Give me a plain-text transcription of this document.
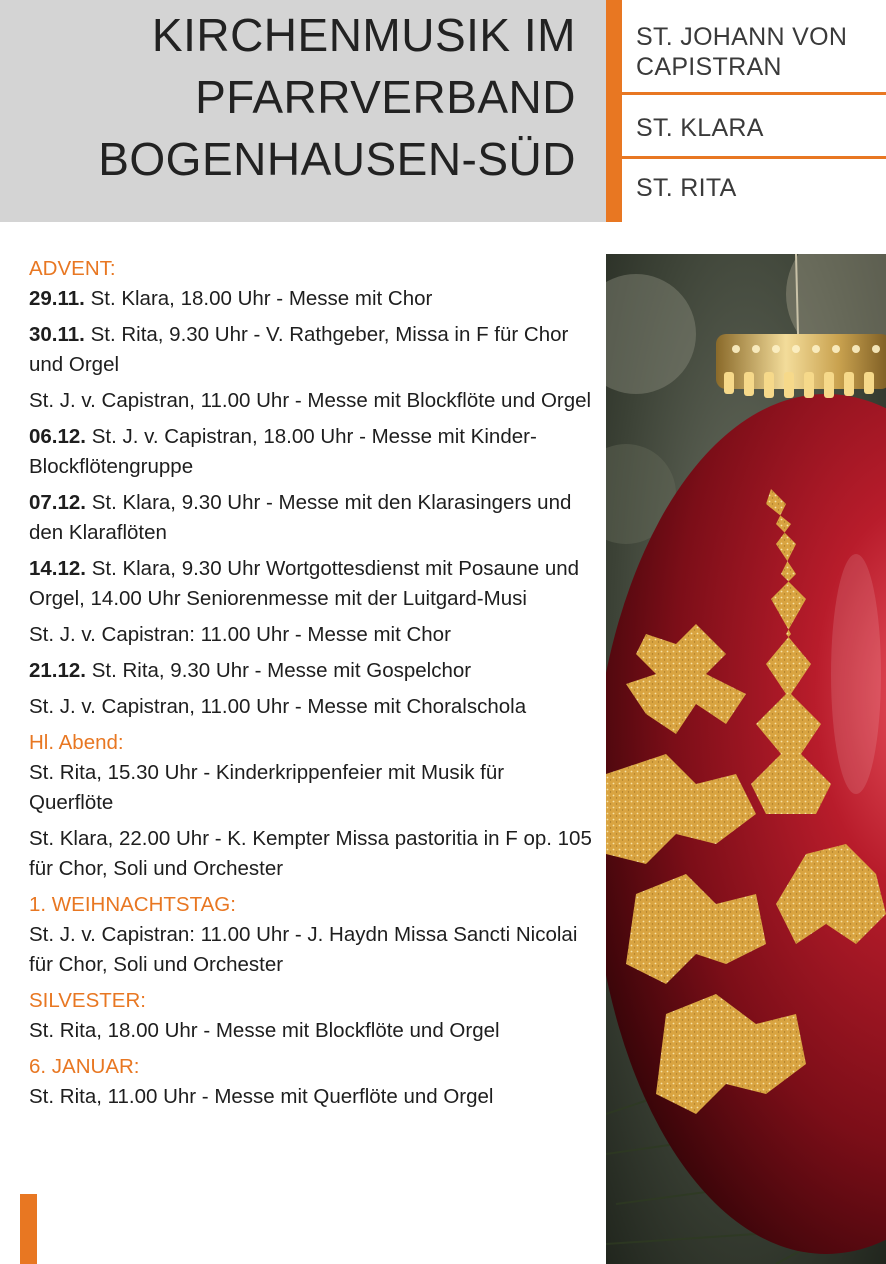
KIRCHENMUSIK IM
PFARRVERBAND
BOGENHAUSEN-SÜD
ST. JOHANN VON CAPISTRAN
ST. KLARA
ST. RITA

ADVENT:

29.11. St. Klara, 18.00 Uhr - Messe mit Chor

30.11. St. Rita, 9.30 Uhr - V. Rathgeber, Missa in F für Chor und Orgel

St. J. v. Capistran, 11.00 Uhr - Messe mit Blockflöte und Orgel

06.12. St. J. v. Capistran, 18.00 Uhr - Messe mit Kinder-Blockflötengruppe

07.12. St. Klara, 9.30 Uhr - Messe mit den Klarasingers und den Klaraflöten

14.12. St. Klara, 9.30 Uhr Wortgottesdienst mit Posaune und Orgel, 14.00 Uhr Seniorenmesse mit der Luitgard-Musi

St. J. v. Capistran: 11.00 Uhr - Messe mit Chor

21.12. St. Rita, 9.30 Uhr - Messe mit Gospelchor

St. J. v. Capistran, 11.00 Uhr - Messe mit Choralschola

Hl. Abend:

St. Rita, 15.30 Uhr - Kinderkrippenfeier mit Musik für Querflöte

St. Klara, 22.00 Uhr - K. Kempter Missa pastoritia in F op. 105 für Chor, Soli und Orchester

1. WEIHNACHTSTAG:

St. J. v. Capistran: 11.00 Uhr - J. Haydn Missa Sancti Nicolai für Chor, Soli und Orchester

SILVESTER:

St. Rita, 18.00 Uhr - Messe mit Blockflöte und Orgel

6. JANUAR:

St. Rita, 11.00 Uhr - Messe mit Querflöte und Orgel
